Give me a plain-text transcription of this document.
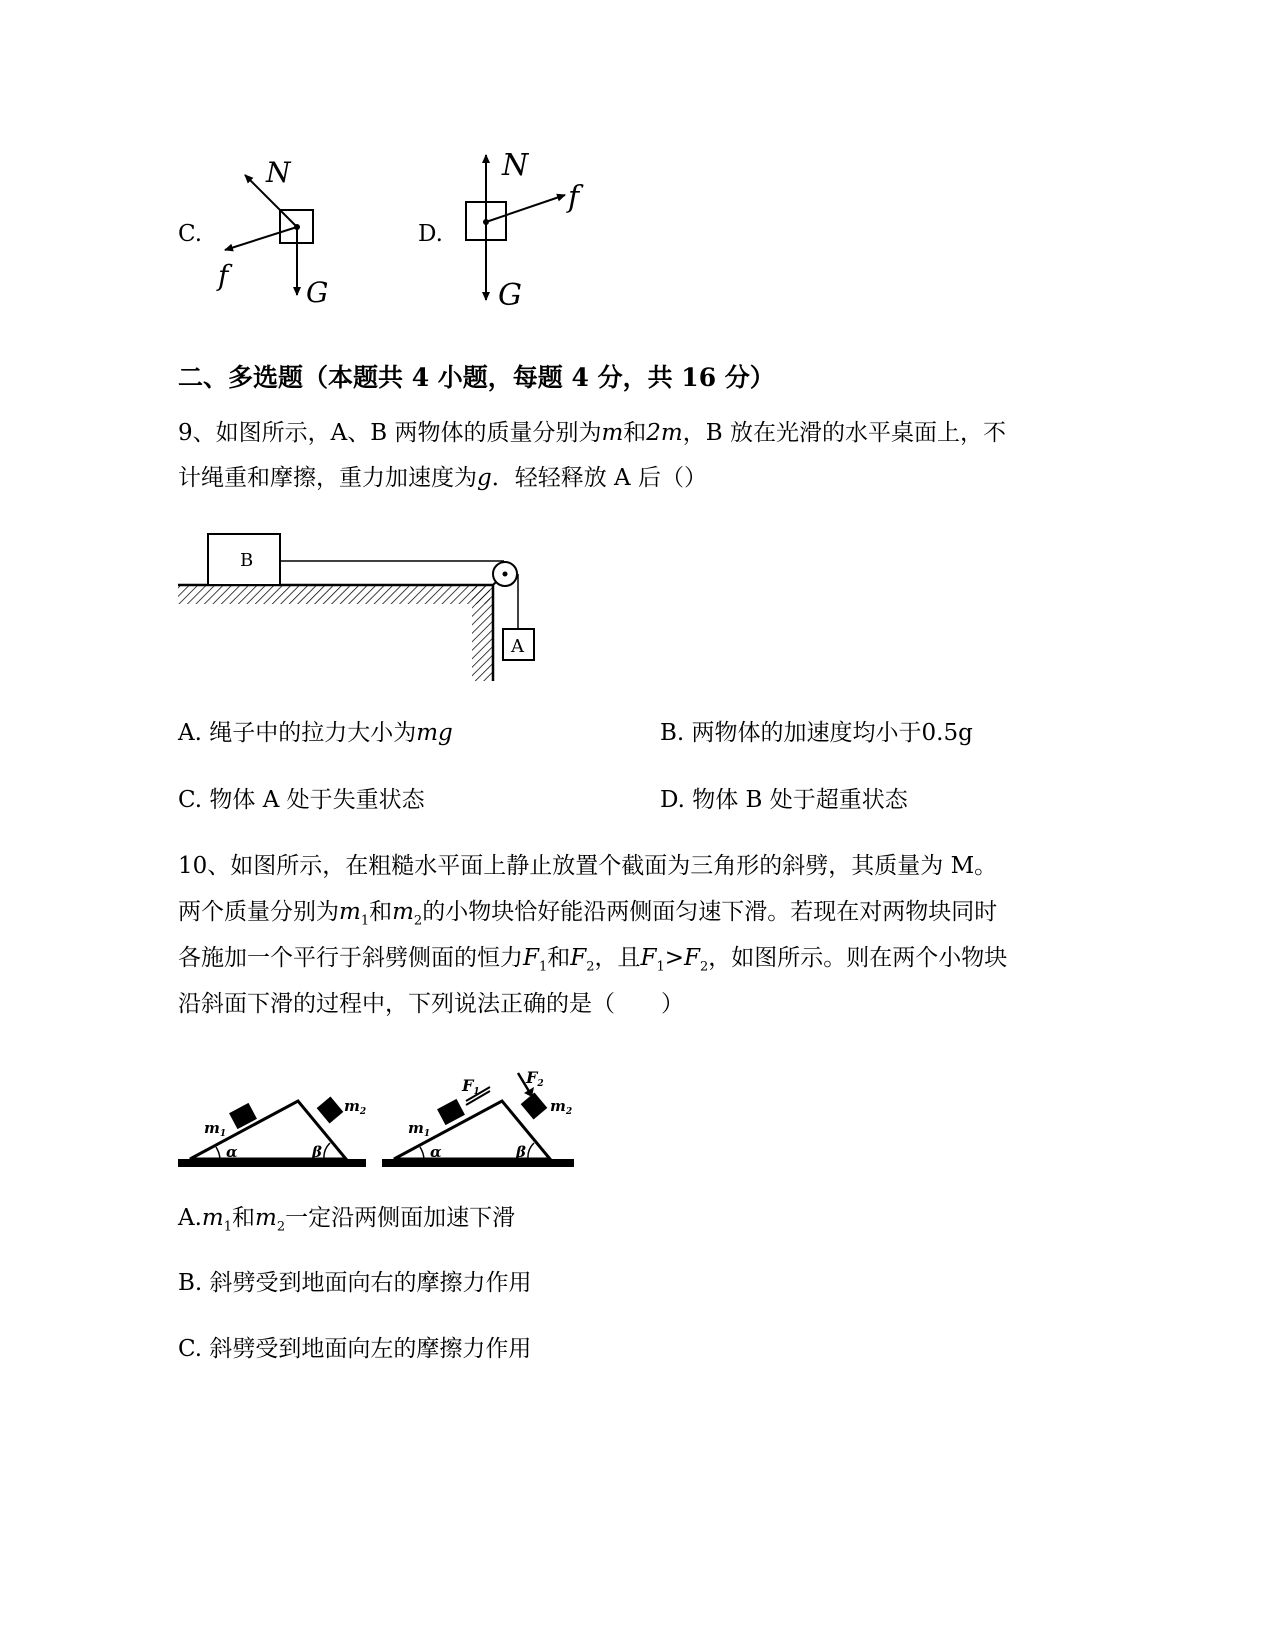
C.
N
f
G
D.
N
f
G
二、多选题（本题共 4 小题，每题 4 分，共 16 分）
9、如图所示，A、B 两物体的质量分别为m和2m，B 放在光滑的水平桌面上，不
计绳重和摩擦，重力加速度为g．轻轻释放 A 后（）
B
A
A. 绳子中的拉力大小为mg	B. 两物体的加速度均小于0.5g
C. 物体 A 处于失重状态	D. 物体 B 处于超重状态
10、如图所示，在粗糙水平面上静止放置个截面为三角形的斜劈，其质量为 M。
两个质量分别为$m_1$和$m_2$的小物块恰好能沿两侧面匀速下滑。若现在对两物块同时
各施加一个平行于斜劈侧面的恒力$F_1$和$F_2$，且$F_1>F_2$，如图所示。则在两个小物块
沿斜面下滑的过程中，下列说法正确的是（　　）
$m_1$
$m_2$
α	β
$m_1$
$m_2$
F1
F2
α	β
$A.m_1$和$m_2$一定沿两侧面加速下滑
B. 斜劈受到地面向右的摩擦力作用
C. 斜劈受到地面向左的摩擦力作用
